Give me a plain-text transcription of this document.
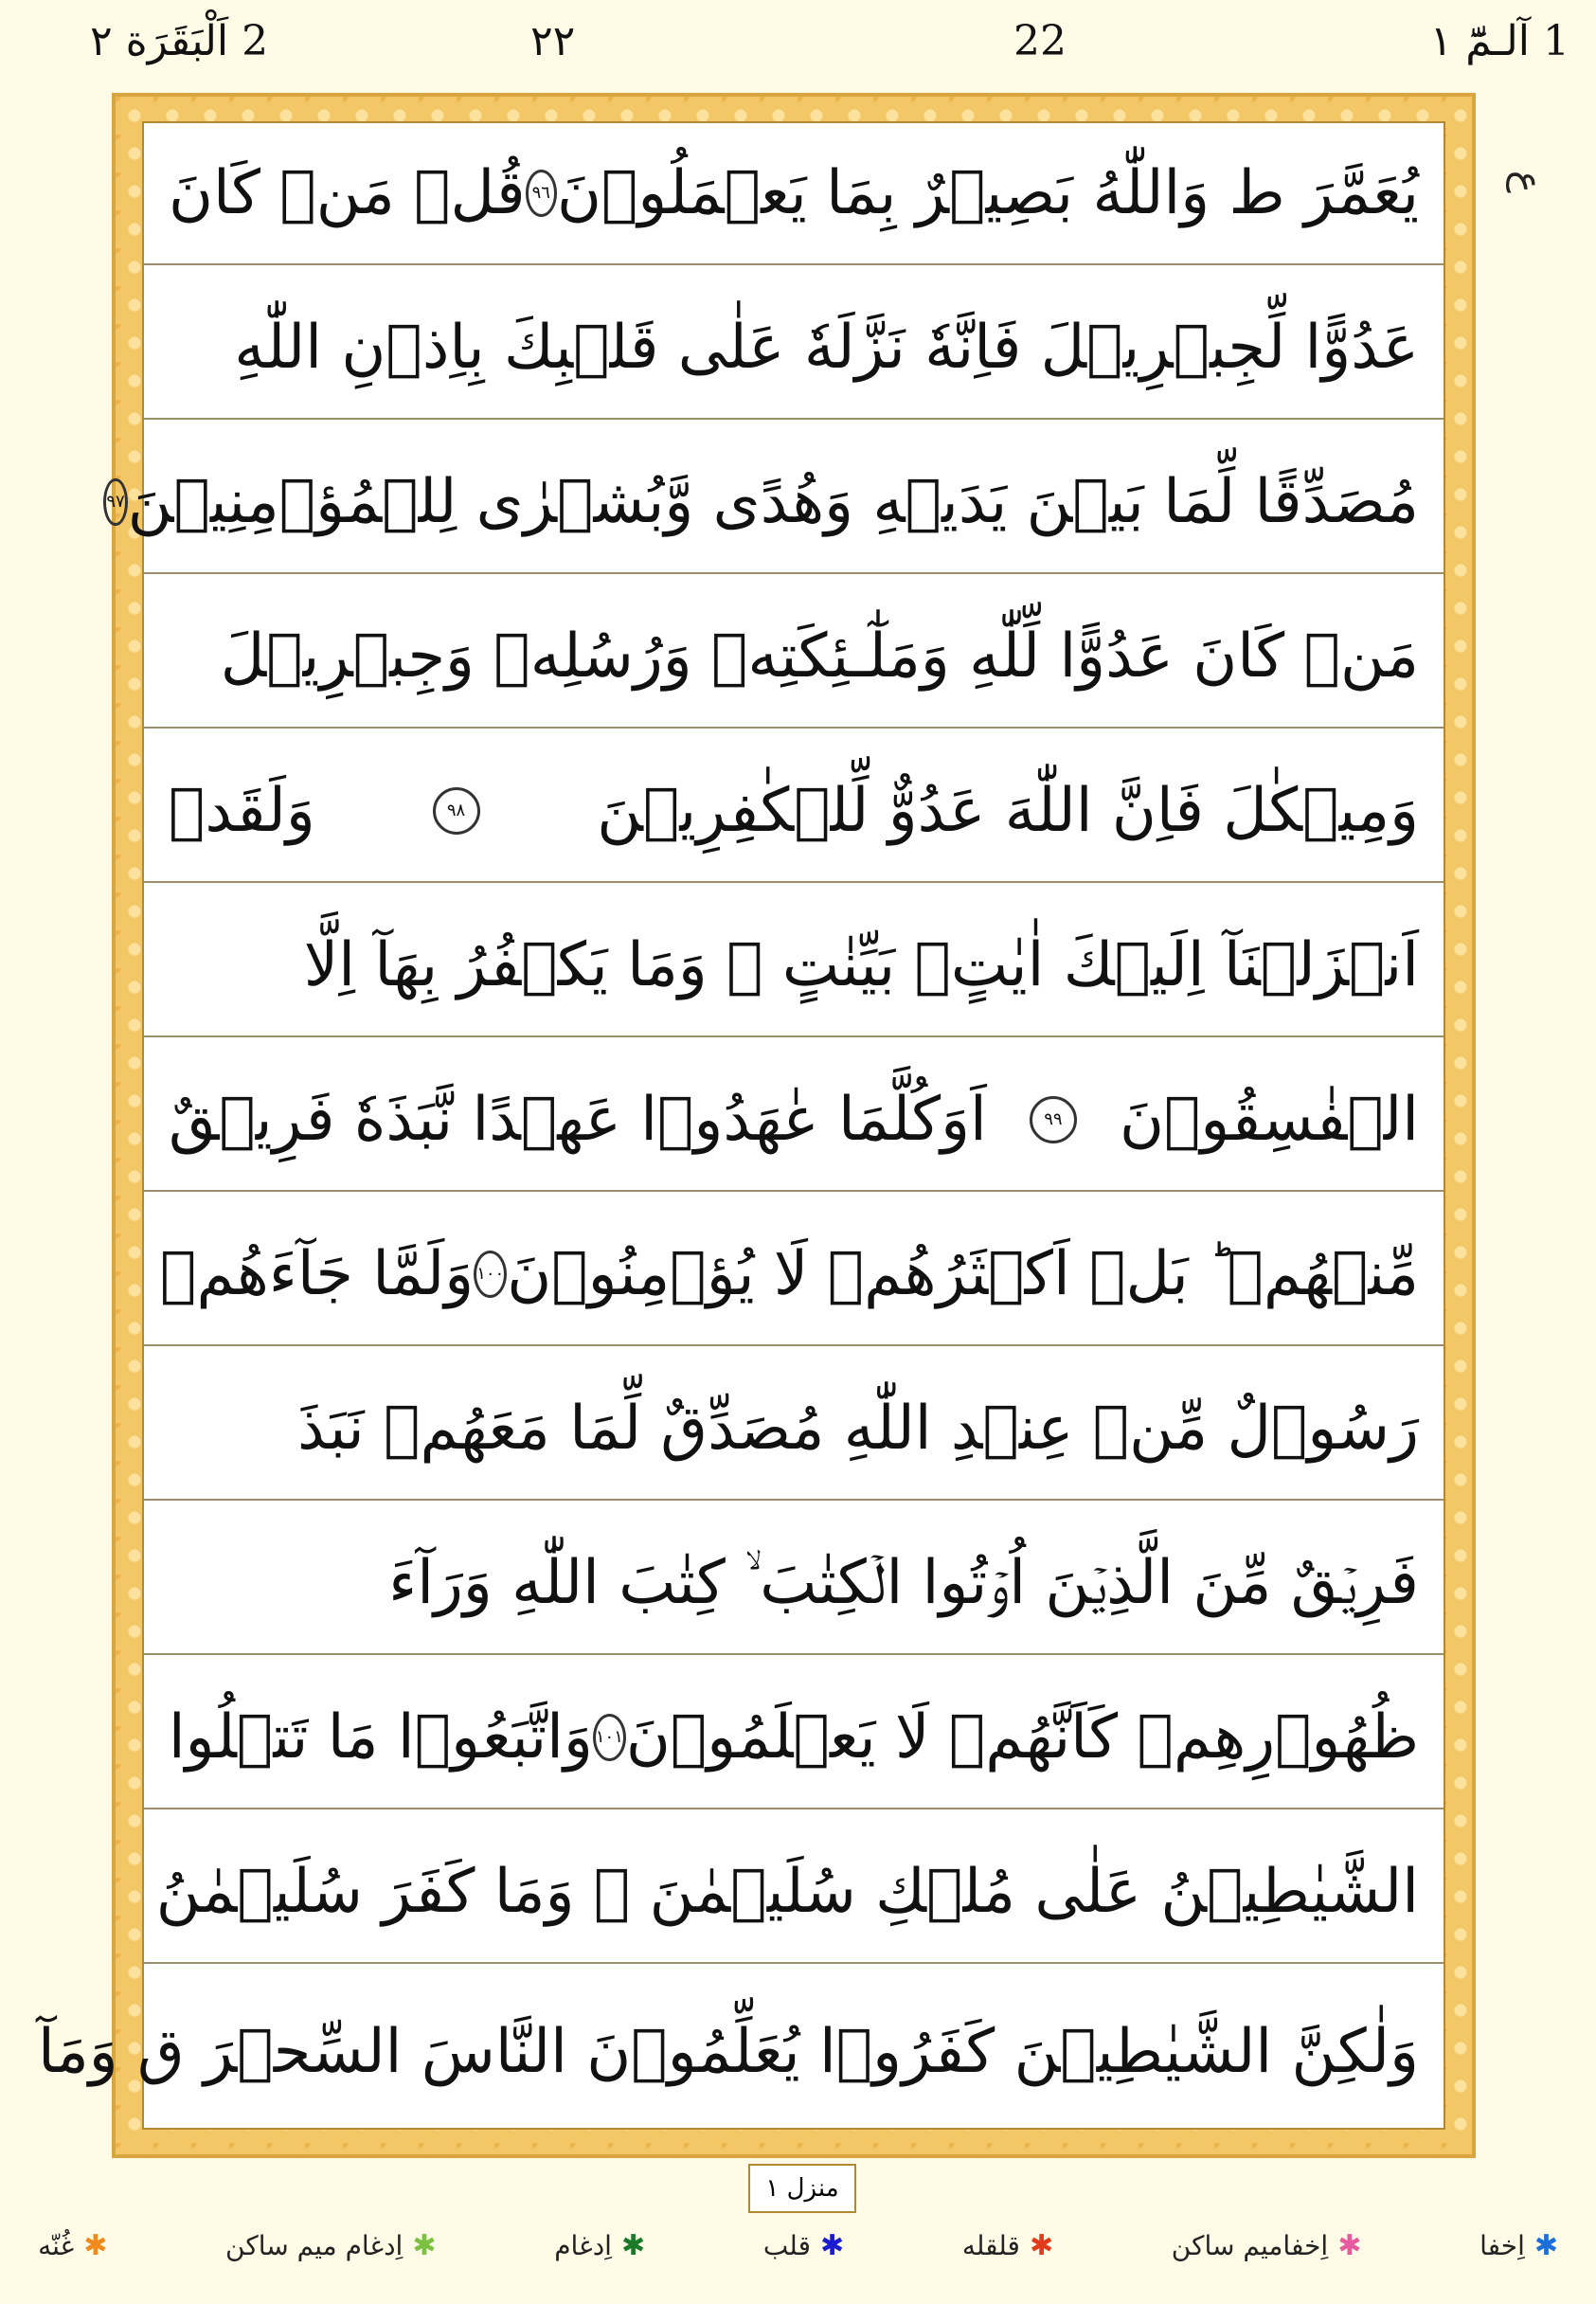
1 آلـمّٓ ١
22
٢٢
2 اَلْبَقَرَة ٢
ع
يُعَمَّرَ ط وَاللّٰهُ بَصِيۡرٌ بِمَا يَعۡمَلُوۡنَ
٩٦
قُلۡ مَنۡ كَانَ
عَدُوًّا لِّجِبۡرِيۡلَ فَاِنَّهٗ نَزَّلَهٗ عَلٰى قَلۡبِكَ بِاِذۡنِ اللّٰهِ
مُصَدِّقًا لِّمَا بَيۡنَ يَدَيۡهِ وَهُدًى وَّبُشۡرٰى لِلۡمُؤۡمِنِيۡنَ
٩٧
مَنۡ كَانَ عَدُوًّا لِّلّٰهِ وَمَلٰٓـئِكَتِهٖ وَرُسُلِهٖ وَجِبۡرِيۡلَ
وَمِيۡكٰلَ فَاِنَّ اللّٰهَ عَدُوٌّ لِّلۡكٰفِرِيۡنَ
٩٨
وَلَقَدۡ
اَنۡزَلۡنَآ اِلَيۡكَ اٰيٰتٍۢ بَيِّنٰتٍ ۚ وَمَا يَكۡفُرُ بِهَآ اِلَّا
الۡفٰسِقُوۡنَ
٩٩
اَوَكُلَّمَا عٰهَدُوۡا عَهۡدًا نَّبَذَهٗ فَرِيۡقٌ
مِّنۡهُمۡ ؕ بَلۡ اَكۡثَرُهُمۡ لَا يُؤۡمِنُوۡنَ
١٠٠
وَلَمَّا جَآءَهُمۡ
رَسُوۡلٌ مِّنۡ عِنۡدِ اللّٰهِ مُصَدِّقٌ لِّمَا مَعَهُمۡ نَبَذَ
فَرِيۡقٌ مِّنَ الَّذِيۡنَ اُوۡتُوا الۡكِتٰبَ ۙ كِتٰبَ اللّٰهِ وَرَآءَ
ظُهُوۡرِهِمۡ كَاَنَّهُمۡ لَا يَعۡلَمُوۡنَ
١٠١
وَاتَّبَعُوۡا مَا تَتۡلُوا
الشَّيٰطِيۡنُ عَلٰى مُلۡكِ سُلَيۡمٰنَ ۚ وَمَا كَفَرَ سُلَيۡمٰنُ
وَلٰكِنَّ الشَّيٰطِيۡنَ كَفَرُوۡا يُعَلِّمُوۡنَ النَّاسَ السِّحۡرَ ق وَمَآ
منزل ١
✱
اِخفا
✱
اِخفامیم ساکن
✱
قلقله
✱
قلب
✱
اِدغام
✱
اِدغام میم ساکن
✱
غُنّه
